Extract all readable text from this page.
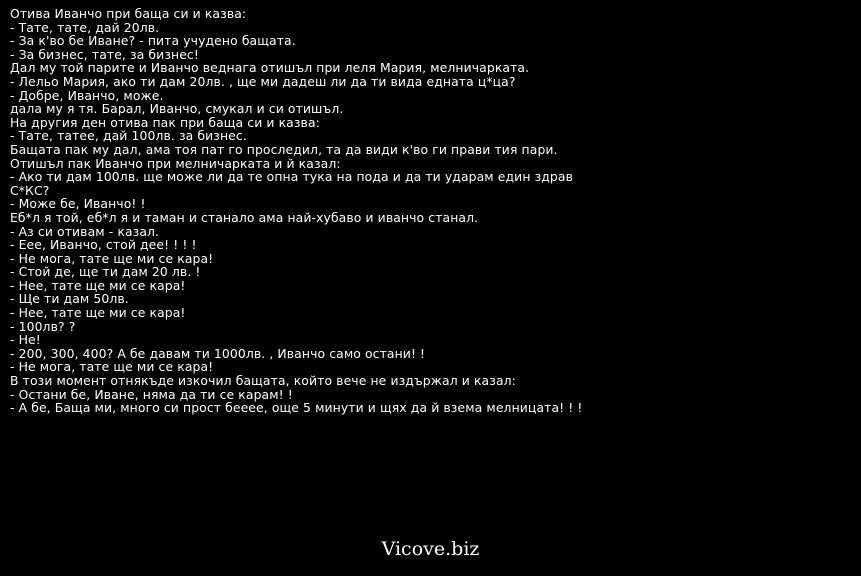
Отива Иванчо при баща си и казва:
- Тате, тате, дай 20лв.
- За к'во бе Иване? - пита учудено бащата.
- За бизнес, тате, за бизнес!
Дал му той парите и Иванчо веднага отишъл при леля Мария, мелничарката.
- Лельо Мария, ако ти дам 20лв. , ще ми дадеш ли да ти вида едната ц*ца?
- Добре, Иванчо, може.
дала му я тя. Барал, Иванчо, смукал и си отишъл.
На другия ден отива пак при баща си и казва:
- Тате, татее, дай 100лв. за бизнес.
Бащата пак му дал, ама тоя пат го проследил, та да види к'во ги прави тия пари.
Отишъл пак Иванчо при мелничарката и й казал:
- Ако ти дам 100лв. ще може ли да те опна тука на пода и да ти ударам един здрав
С*КС?
- Може бе, Иванчо! !
Еб*л я той, еб*л я и таман и станало ама най-хубаво и иванчо станал.
- Аз си отивам - казал.
- Еее, Иванчо, стой дее! ! ! !
- Не мога, тате ще ми се кара!
- Стой де, ще ти дам 20 лв. !
- Нее, тате ще ми се кара!
- Ще ти дам 50лв.
- Нее, тате ще ми се кара!
- 100лв? ?
- Не!
- 200, 300, 400? А бе давам ти 1000лв. , Иванчо само остани! !
- Не мога, тате ще ми се кара!
В този момент отнякъде изкочил бащата, който вече не издържал и казал:
- Остани бе, Иване, няма да ти се карам! !
- А бе, Баща ми, много си прост бееее, още 5 минути и щях да й взема мелницата! ! !
Vicove.biz
